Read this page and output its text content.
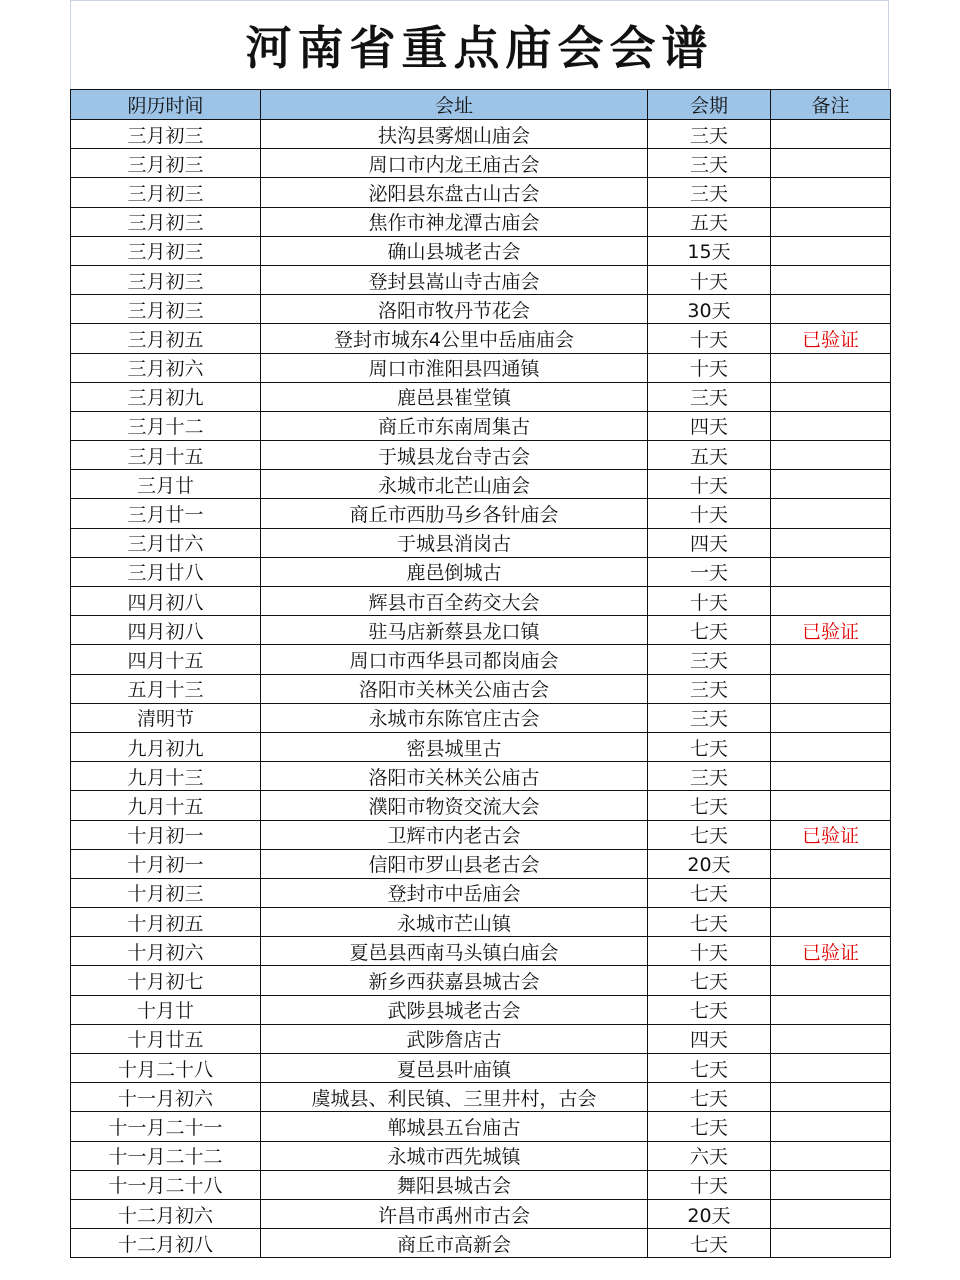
河南省重点庙会会谱
阴历时间	会址	会期	备注
三月初三	扶沟县雾烟山庙会	三天	
三月初三	周口市内龙王庙古会	三天	
三月初三	泌阳县东盘古山古会	三天	
三月初三	焦作市神龙潭古庙会	五天	
三月初三	确山县城老古会	15天	
三月初三	登封县嵩山寺古庙会	十天	
三月初三	洛阳市牧丹节花会	30天	
三月初五	登封市城东4公里中岳庙庙会	十天	已验证
三月初六	周口市淮阳县四通镇	十天	
三月初九	鹿邑县崔堂镇	三天	
三月十二	商丘市东南周集古	四天	
三月十五	于城县龙台寺古会	五天	
三月廿	永城市北芒山庙会	十天	
三月廿一	商丘市西肋马乡各针庙会	十天	
三月廿六	于城县消岗古	四天	
三月廿八	鹿邑倒城古	一天	
四月初八	辉县市百全药交大会	十天	
四月初八	驻马店新蔡县龙口镇	七天	已验证
四月十五	周口市西华县司都岗庙会	三天	
五月十三	洛阳市关林关公庙古会	三天	
清明节	永城市东陈官庄古会	三天	
九月初九	密县城里古	七天	
九月十三	洛阳市关林关公庙古	三天	
九月十五	濮阳市物资交流大会	七天	
十月初一	卫辉市内老古会	七天	已验证
十月初一	信阳市罗山县老古会	20天	
十月初三	登封市中岳庙会	七天	
十月初五	永城市芒山镇	七天	
十月初六	夏邑县西南马头镇白庙会	十天	已验证
十月初七	新乡西获嘉县城古会	七天	
十月廿	武陟县城老古会	七天	
十月廿五	武陟詹店古	四天	
十月二十八	夏邑县叶庙镇	七天	
十一月初六	虞城县、利民镇、三里井村，古会	七天	
十一月二十一	郸城县五台庙古	七天	
十一月二十二	永城市西先城镇	六天	
十一月二十八	舞阳县城古会	十天	
十二月初六	许昌市禹州市古会	20天	
十二月初八	商丘市高新会	七天	
